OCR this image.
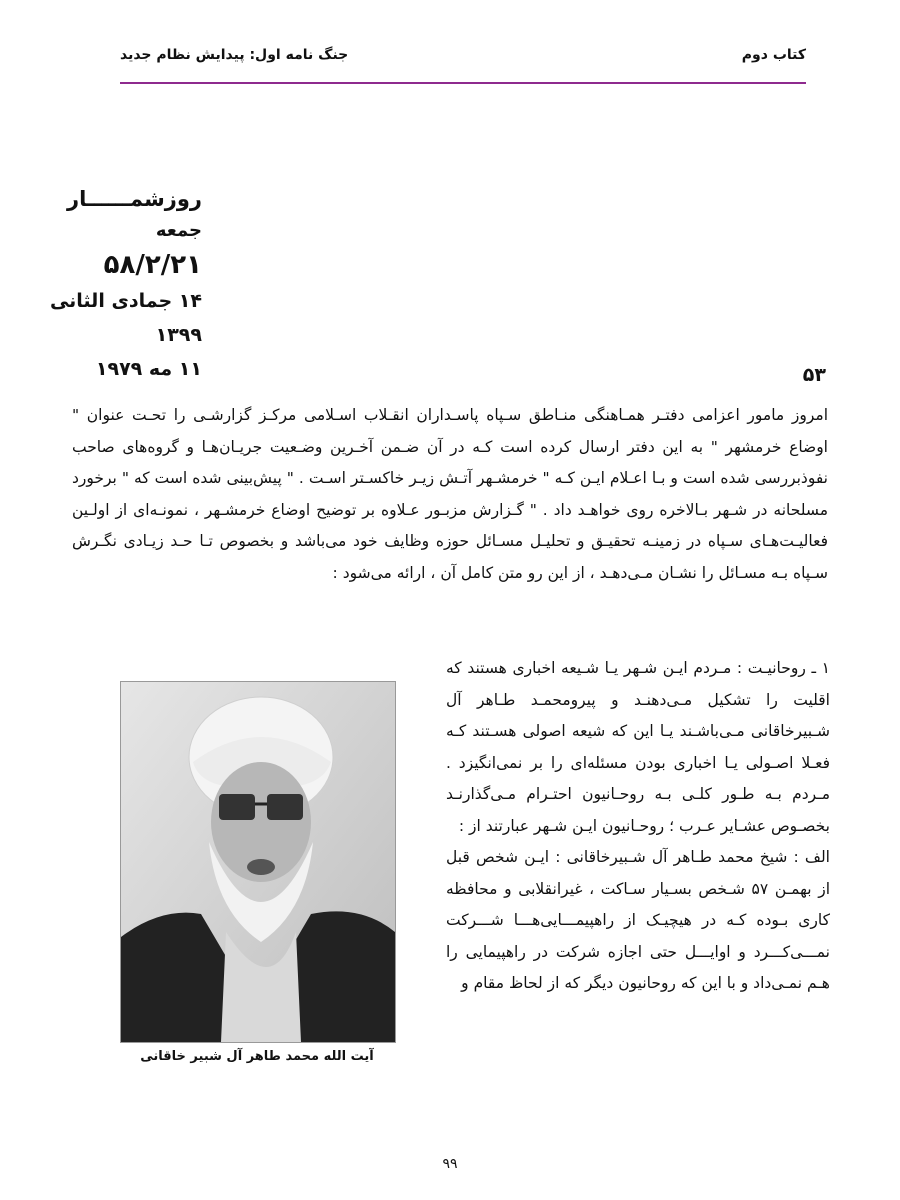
کتاب دوم
جنگ نامه اول: پیدایش نظام جدید
روزشمــــــار
جمعه
۵۸/۲/۲۱
۱۴ جمادی الثانی ۱۳۹۹
۱۱ مه ۱۹۷۹	۵۳
امروز مامور اعزامی دفتـر همـاهنگی منـاطق سـپاه پاسـداران انقـلاب اسـلامی مرکـز گزارشـی را تحـت عنوان " اوضاع خرمشهر " به این دفتر ارسال کرده است کـه در آن ضـمن آخـرین وضـعیت جریـان‌هـا و گروه‌های صاحب نفوذبررسی شده است و بـا اعـلام ایـن کـه " خرمشـهر آتـش زیـر خاکسـتر اسـت . " پیش‌بینی شده است که " برخورد مسلحانه در شـهر بـالاخره روی خواهـد داد . " گـزارش مزبـور عـلاوه بر توضیح اوضاع خرمشـهر ، نمونـه‌ای از اولـین فعالیـت‌هـای سـپاه در زمینـه تحقیـق و تحلیـل مسـائل حوزه وظایف خود می‌باشد و بخصوص تـا حـد زیـادی نگـرش سـپاه بـه مسـائل را نشـان مـی‌دهـد ، از این رو متن کامل آن ، ارائه می‌شود :

۱ ـ روحانیـت : مـردم ایـن شـهر یـا شـیعه اخباری هستند که اقلیت را تشکیل مـی‌دهنـد و پیرومحمـد طـاهر آل شـبیرخاقانی مـی‌باشـند یـا این که شیعه اصولی هسـتند کـه فعـلا اصـولی یـا اخباری بودن مسئله‌ای را بر نمی‌انگیزد . مـردم بـه طـور کلـی بـه روحـانیون احتـرام مـی‌گذارنـد بخصـوص عشـایر عـرب ؛ روحـانیون ایـن شـهر عبارتند از :

الف : شیخ محمد طـاهر آل شـبیرخاقانی : ایـن شخص قبل از بهمـن ۵۷ شـخص بسـیار سـاکت ، غیرانقلابی و محافظه کاری بـوده کـه در هیچیـک از راهپیمـــایی‌هـــا شـــرکت نمـــی‌کـــرد و اوایـــل حتی اجازه شرکت در راهپیمایی را هـم نمـی‌داد و با این که روحانیون دیگر که از لحاظ مقام و

آیت الله محمد طاهر آل شبیر خاقانی
۹۹
